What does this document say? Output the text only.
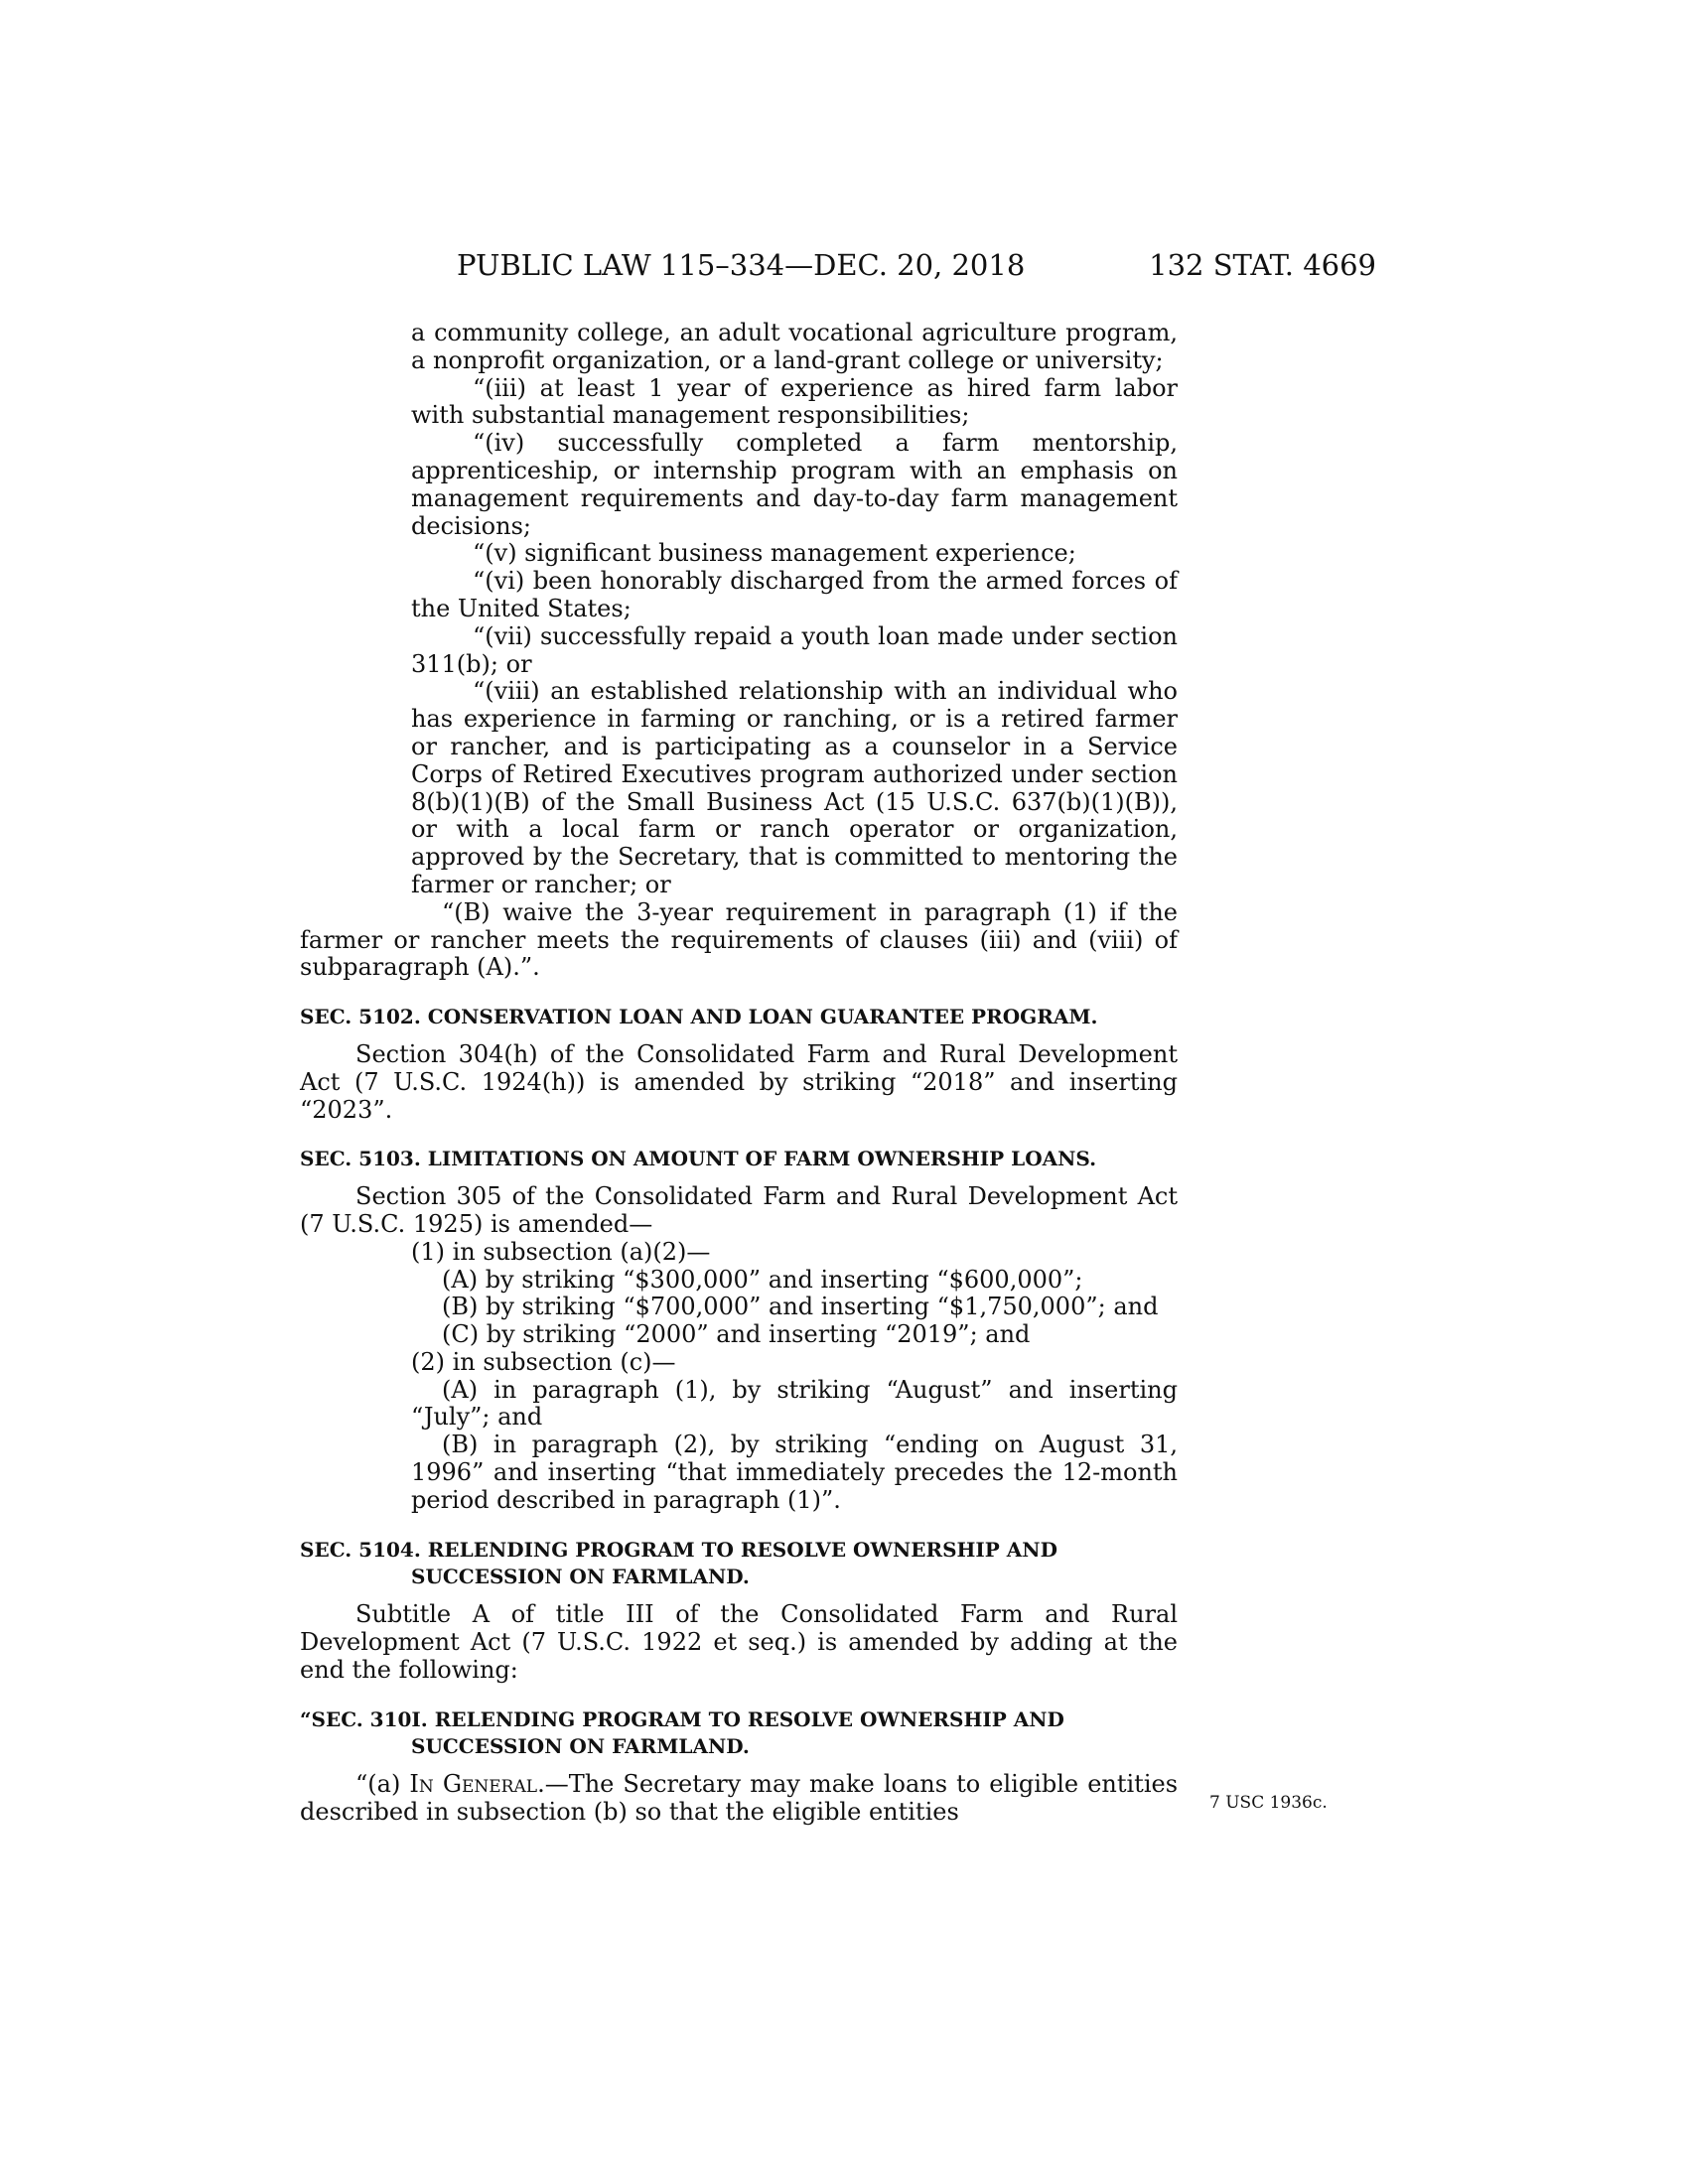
PUBLIC LAW 115–334—DEC. 20, 2018	132 STAT. 4669

a community college, an adult vocational agriculture program, a nonprofit organization, or a land-grant college or university;

“(iii) at least 1 year of experience as hired farm labor with substantial management responsibilities;

“(iv) successfully completed a farm mentorship, apprenticeship, or internship program with an emphasis on management requirements and day-to-day farm management decisions;

“(v) significant business management experience;

“(vi) been honorably discharged from the armed forces of the United States;

“(vii) successfully repaid a youth loan made under section 311(b); or

“(viii) an established relationship with an individual who has experience in farming or ranching, or is a retired farmer or rancher, and is participating as a counselor in a Service Corps of Retired Executives program authorized under section 8(b)(1)(B) of the Small Business Act (15 U.S.C. 637(b)(1)(B)), or with a local farm or ranch operator or organization, approved by the Secretary, that is committed to mentoring the farmer or rancher; or

“(B) waive the 3-year requirement in paragraph (1) if the farmer or rancher meets the requirements of clauses (iii) and (viii) of subparagraph (A).”.

SEC. 5102. CONSERVATION LOAN AND LOAN GUARANTEE PROGRAM.

Section 304(h) of the Consolidated Farm and Rural Development Act (7 U.S.C. 1924(h)) is amended by striking “2018” and inserting “2023”.

SEC. 5103. LIMITATIONS ON AMOUNT OF FARM OWNERSHIP LOANS.

Section 305 of the Consolidated Farm and Rural Development Act (7 U.S.C. 1925) is amended—

(1) in subsection (a)(2)—

(A) by striking “$300,000” and inserting “$600,000”;

(B) by striking “$700,000” and inserting “$1,750,000”; and

(C) by striking “2000” and inserting “2019”; and

(2) in subsection (c)—

(A) in paragraph (1), by striking “August” and inserting “July”; and

(B) in paragraph (2), by striking “ending on August 31, 1996” and inserting “that immediately precedes the 12-month period described in paragraph (1)”.

SEC. 5104. RELENDING PROGRAM TO RESOLVE OWNERSHIP AND SUCCESSION ON FARMLAND.

Subtitle A of title III of the Consolidated Farm and Rural Development Act (7 U.S.C. 1922 et seq.) is amended by adding at the end the following:

“SEC. 310I. RELENDING PROGRAM TO RESOLVE OWNERSHIP AND SUCCESSION ON FARMLAND.

“(a) In General.—The Secretary may make loans to eligible entities described in subsection (b) so that the eligible entities	7 USC 1936c.
